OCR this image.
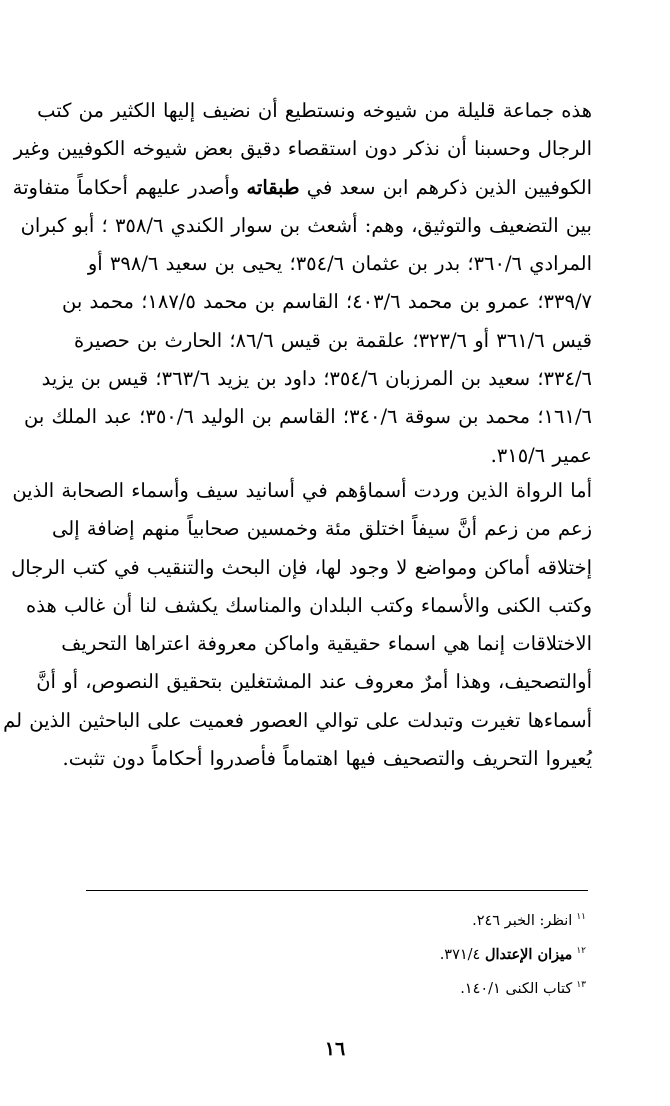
هذه جماعة قليلة من شيوخه ونستطيع أن نضيف إليها الكثير من كتب
الرجال وحسبنا أن نذكر دون استقصاء دقيق بعض شيوخه الكوفيين وغير
الكوفيين الذين ذكرهم ابن سعد في طبقاته وأصدر عليهم أحكاماً متفاوتة
بين التضعيف والتوثيق، وهم: أشعث بن سوار الكندي ٣٥٨/٦ ؛ أبو كبران
المرادي ٣٦٠/٦؛ بدر بن عثمان ٣٥٤/٦؛ يحيى بن سعيد ٣٩٨/٦ أو
٣٣٩/٧؛ عمرو بن محمد ٤٠٣/٦؛ القاسم بن محمد ١٨٧/٥؛ محمد بن
قيس ٣٦١/٦ أو ٣٢٣/٦؛ علقمة بن قيس ٨٦/٦؛ الحارث بن حصيرة
٣٣٤/٦؛ سعيد بن المرزبان ٣٥٤/٦؛ داود بن يزيد ٣٦٣/٦؛ قيس بن يزيد
١٦١/٦؛ محمد بن سوقة ٣٤٠/٦؛ القاسم بن الوليد ٣٥٠/٦؛ عبد الملك بن
عمير ٣١٥/٦.
أما الرواة الذين وردت أسماؤهم في أسانيد سيف وأسماء الصحابة الذين
زعم من زعم أنَّ سيفاً اختلق مئة وخمسين صحابياً منهم إضافة إلى
إختلاقه أماكن ومواضع لا وجود لها، فإن البحث والتنقيب في كتب الرجال
وكتب الكنى والأسماء وكتب البلدان والمناسك يكشف لنا أن غالب هذه
الاختلاقات إنما هي اسماء حقيقية واماكن معروفة اعتراها التحريف
أوالتصحيف، وهذا أمرٌ معروف عند المشتغلين بتحقيق النصوص، أو أنَّ
أسماءها تغيرت وتبدلت على توالي العصور فعميت على الباحثين الذين لم
يُعيروا التحريف والتصحيف فيها اهتماماً فأصدروا أحكاماً دون تثبت.
$^{١١}$انظر: الخبر ٢٤٦.
$^{١٢}$ميزان الإعتدال ٣٧١/٤.
$^{١٣}$كتاب الكنى ١٤٠/١.
١٦
